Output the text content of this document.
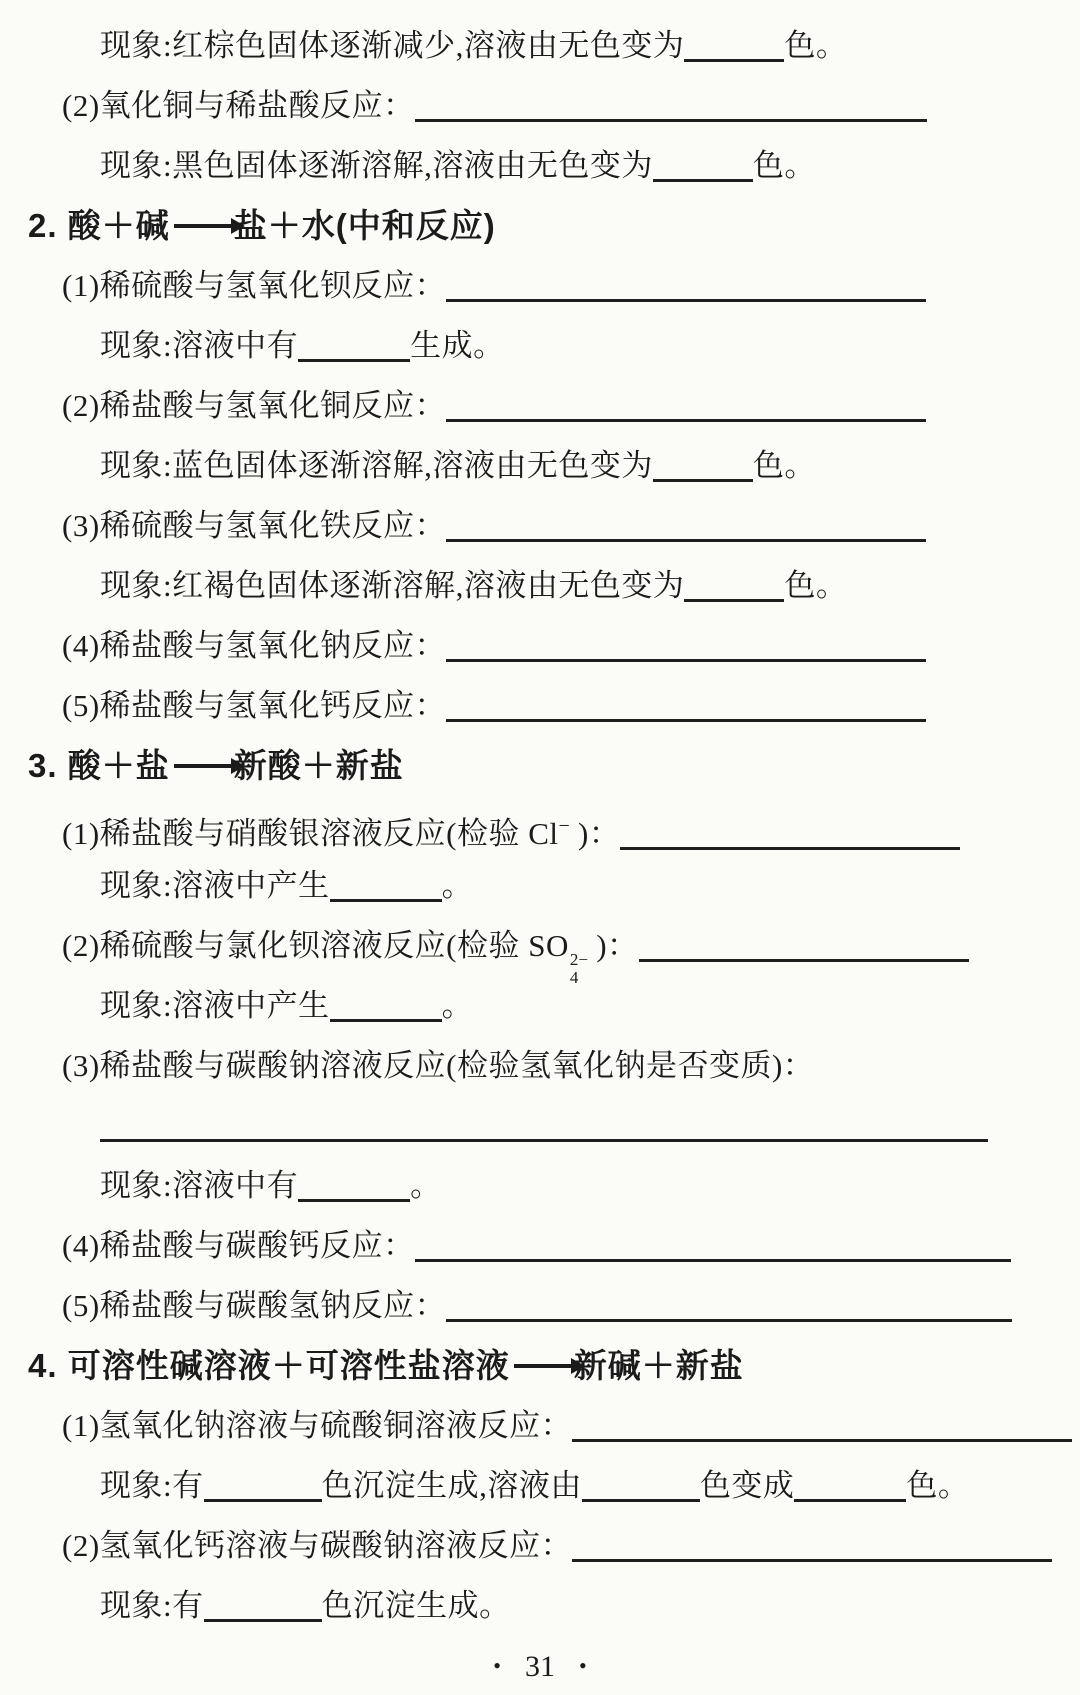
现象:红棕色固体逐渐减少,溶液由无色变为	色。
(2)氧化铜与稀盐酸反应：
现象:黑色固体逐渐溶解,溶液由无色变为	色。
2. 酸＋碱 盐＋水(中和反应)
(1)稀硫酸与氢氧化钡反应：
现象:溶液中有	生成。
(2)稀盐酸与氢氧化铜反应：
现象:蓝色固体逐渐溶解,溶液由无色变为	色。
(3)稀硫酸与氢氧化铁反应：
现象:红褐色固体逐渐溶解,溶液由无色变为	色。
(4)稀盐酸与氢氧化钠反应：
(5)稀盐酸与氢氧化钙反应：
3. 酸＋盐 新酸＋新盐
(1)稀盐酸与硝酸银溶液反应(检验 Cl− )：
现象:溶液中产生	。
(2)稀硫酸与氯化钡溶液反应(检验 SO 2−
4
)：
现象:溶液中产生	。
(3)稀盐酸与碳酸钠溶液反应(检验氢氧化钠是否变质)：
现象:溶液中有	。
(4)稀盐酸与碳酸钙反应：
(5)稀盐酸与碳酸氢钠反应：
4. 可溶性碱溶液＋可溶性盐溶液 新碱＋新盐
(1)氢氧化钠溶液与硫酸铜溶液反应：
现象:有	色沉淀生成,溶液由	色变成	色。
(2)氢氧化钙溶液与碳酸钠溶液反应：
现象:有	色沉淀生成。
• 31 •
